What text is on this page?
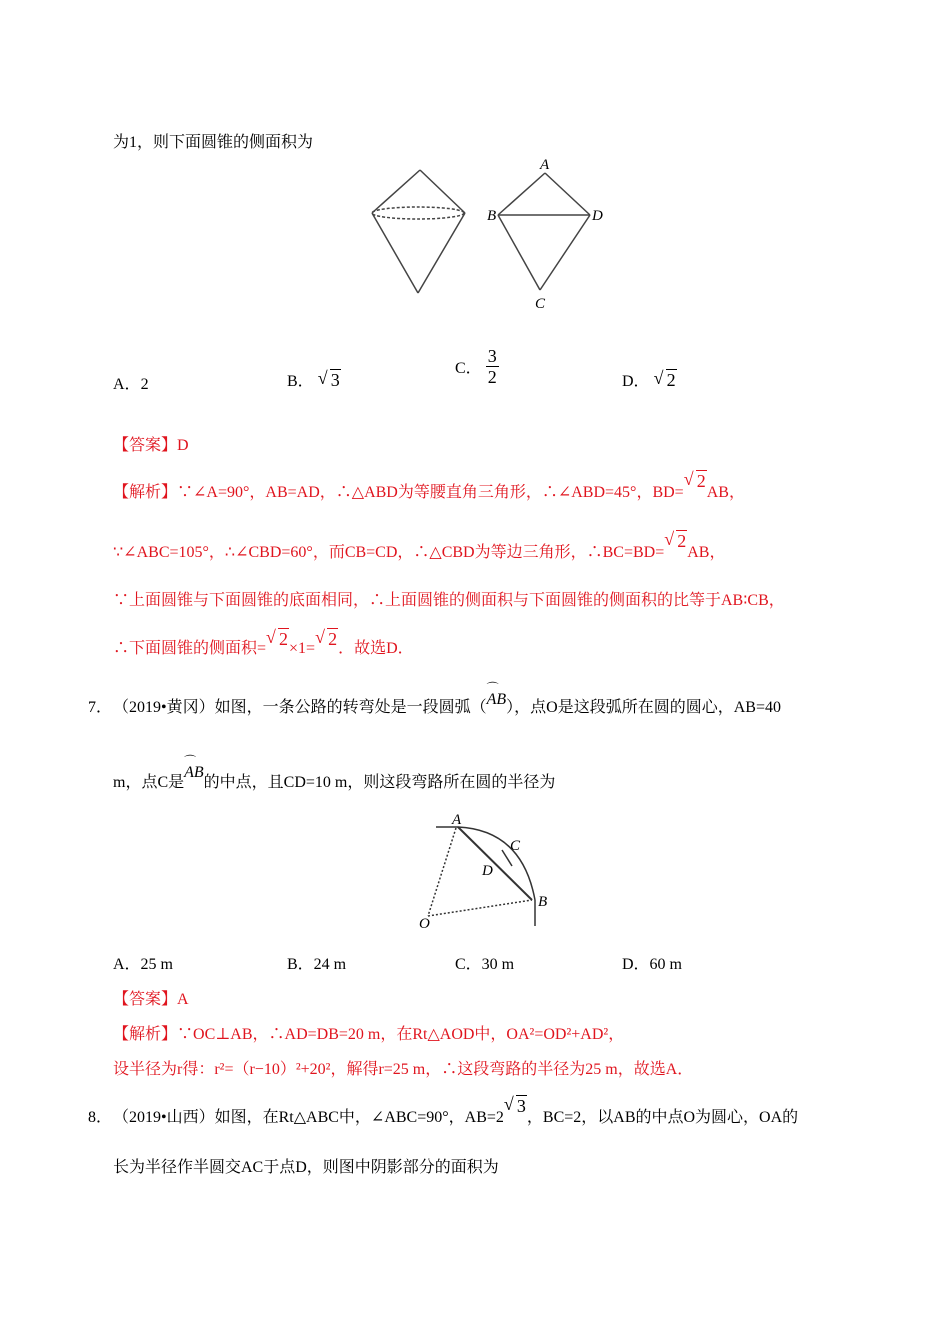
为1，则下面圆锥的侧面积为
A
B	D
C
A．2	B． √ 3
C． $\frac{3}{2}$	D． √ 2
【答案】D
【解析】∵∠A=90°，AB=AD，∴△ABD为等腰直角三角形，∴∠ABD=45°，BD=
√ 2AB，
∵∠ABC=105°，∴∠CBD=60°，而CB=CD，∴△CBD为等边三角形，∴BC=BD=
√ 2AB，
∵上面圆锥与下面圆锥的底面相同，∴上面圆锥的侧面积与下面圆锥的侧面积的比等于AB∶CB，
∴下面圆锥的侧面积=
√ 2×1=
√ 2．故选D．
7． （2019•黄冈）如图，一条公路的转弯处是一段圆弧（
⌒
AB），点O是这段弧所在圆的圆心，AB=40
m，点C是
⌒
AB的中点，且CD=10 m，则这段弯路所在圆的半径为
A
C
D
B
O
A．25 m	B．24 m	C．30 m	D．60 m
【答案】A
【解析】∵OC⊥AB，∴AD=DB=20 m，在Rt△AOD中，OA²=OD²+AD²，
设半径为r得：r²=（r−10）²+20²，解得r=25 m，∴这段弯路的半径为25 m，故选A．
8． （2019•山西）如图，在Rt△ABC中，∠ABC=90°，AB=2
√ 3，BC=2，以AB的中点O为圆心，OA的
长为半径作半圆交AC于点D，则图中阴影部分的面积为
